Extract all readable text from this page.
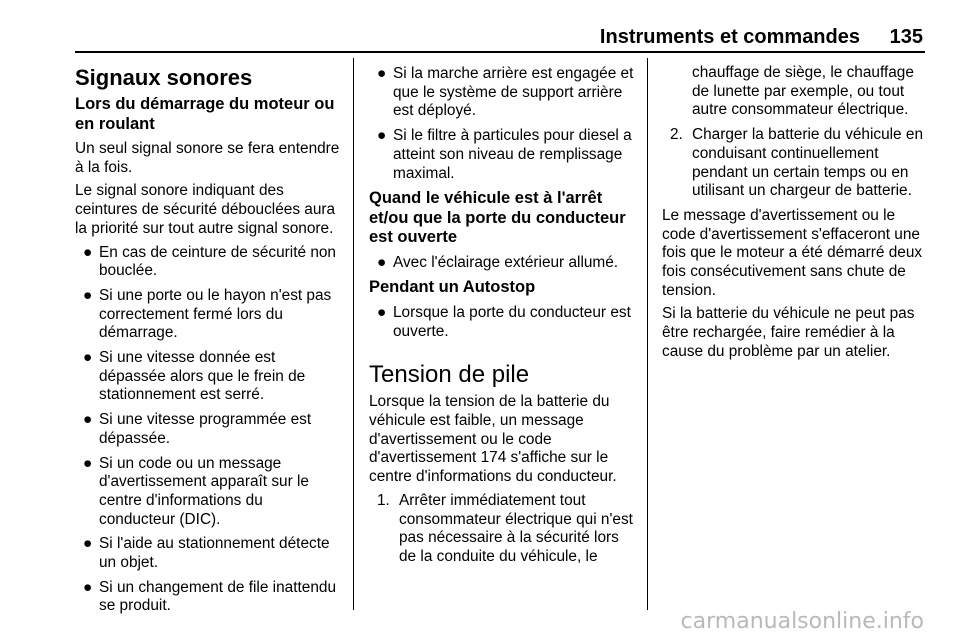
Instruments et commandes 135
Signaux sonores
Lors du démarrage du moteur ou en roulant

Un seul signal sonore se fera entendre à la fois.

Le signal sonore indiquant des ceintures de sécurité débouclées aura la priorité sur tout autre signal sonore.

● En cas de ceinture de sécurité non bouclée.
● Si une porte ou le hayon n'est pas correctement fermé lors du démarrage.
● Si une vitesse donnée est dépassée alors que le frein de stationnement est serré.
● Si une vitesse programmée est dépassée.
● Si un code ou un message d'avertissement apparaît sur le centre d'informations du conducteur (DIC).
● Si l'aide au stationnement détecte un objet.
● Si un changement de file inattendu se produit.
● Si la marche arrière est engagée et que le système de support arrière est déployé.
● Si le filtre à particules pour diesel a atteint son niveau de remplissage maximal.
Quand le véhicule est à l'arrêt et/ou que la porte du conducteur est ouverte
● Avec l'éclairage extérieur allumé.
Pendant un Autostop
● Lorsque la porte du conducteur est ouverte.
Tension de pile

Lorsque la tension de la batterie du véhicule est faible, un message d'avertissement ou le code d'avertissement 174 s'affiche sur le centre d'informations du conducteur.

1. Arrêter immédiatement tout consommateur électrique qui n'est pas nécessaire à la sécurité lors de la conduite du véhicule, le
chauffage de siège, le chauffage de lunette par exemple, ou tout autre consommateur électrique.
2. Charger la batterie du véhicule en conduisant continuellement pendant un certain temps ou en utilisant un chargeur de batterie.

Le message d'avertissement ou le code d'avertissement s'effaceront une fois que le moteur a été démarré deux fois consécutivement sans chute de tension.

Si la batterie du véhicule ne peut pas être rechargée, faire remédier à la cause du problème par un atelier.

carmanualsonline.info
